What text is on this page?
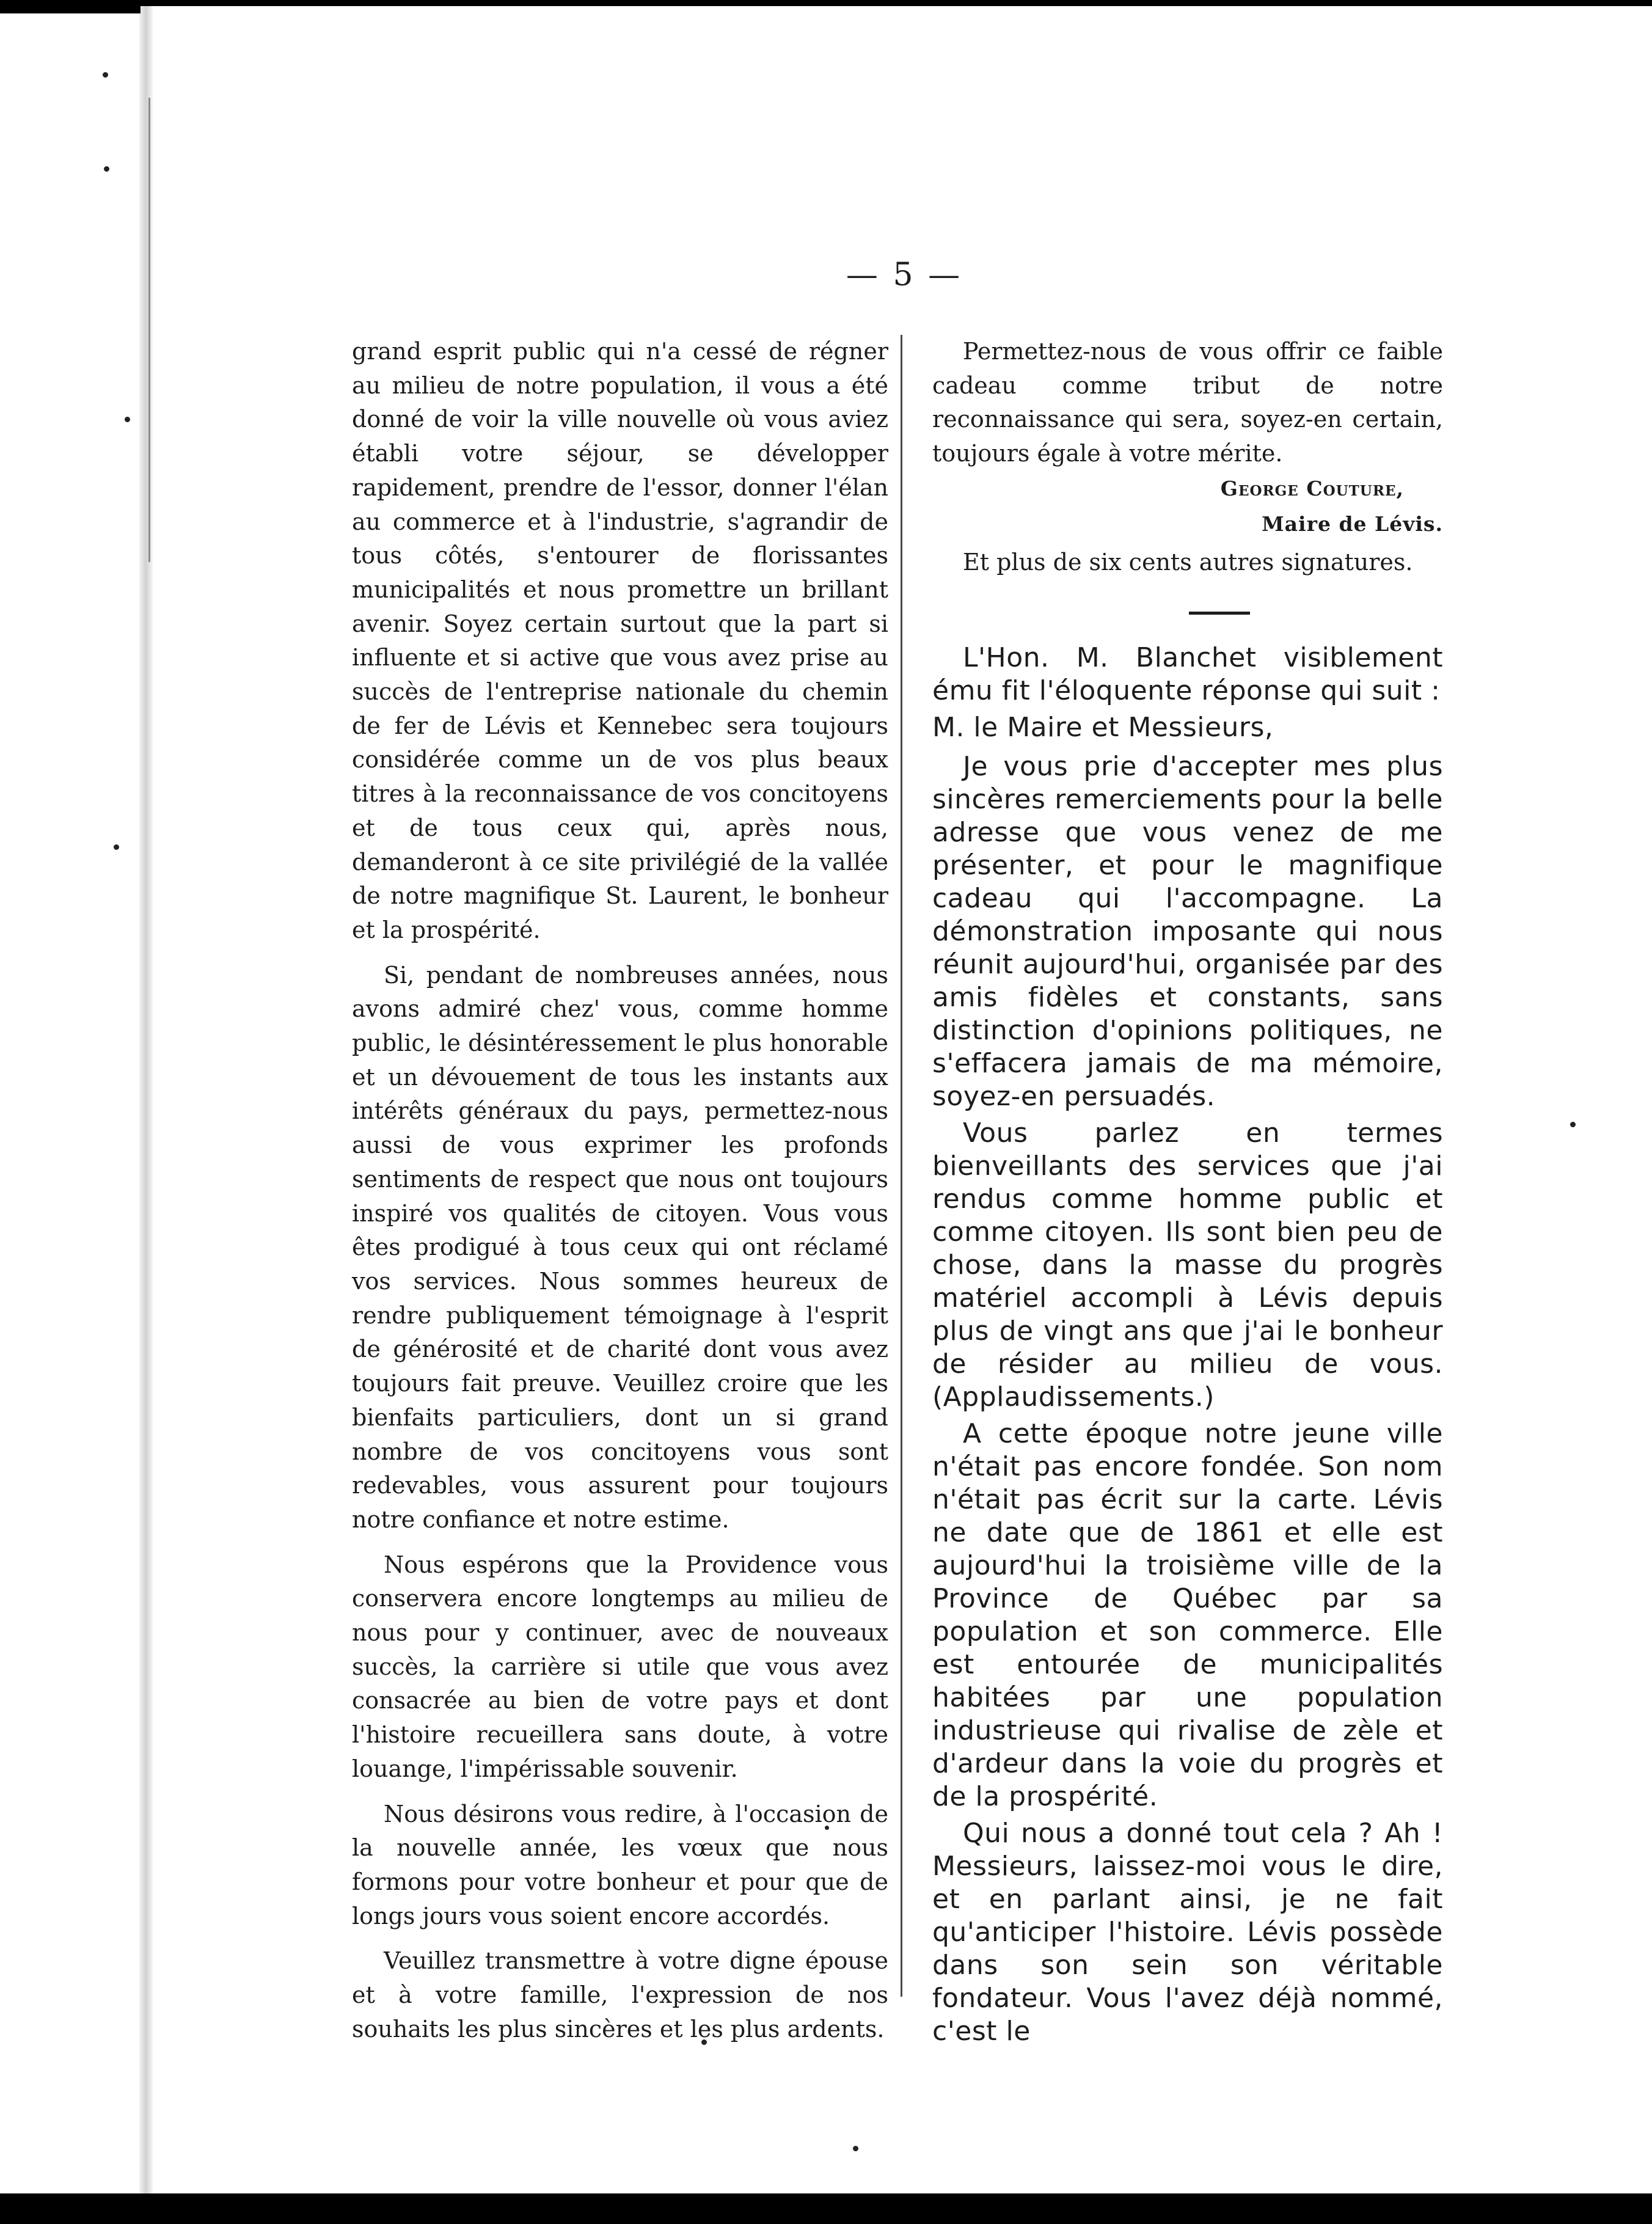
— 5 —

grand esprit public qui n'a cessé de régner au milieu de notre population, il vous a été donné de voir la ville nouvelle où vous aviez établi votre séjour, se développer rapidement, prendre de l'essor, donner l'élan au commerce et à l'industrie, s'agrandir de tous côtés, s'entourer de florissantes municipalités et nous promettre un brillant avenir. Soyez certain surtout que la part si influente et si active que vous avez prise au succès de l'entreprise nationale du chemin de fer de Lévis et Kennebec sera toujours considérée comme un de vos plus beaux titres à la reconnaissance de vos concitoyens et de tous ceux qui, après nous, demanderont à ce site privilégié de la vallée de notre magnifique St. Laurent, le bonheur et la prospérité.

Si, pendant de nombreuses années, nous avons admiré chez' vous, comme homme public, le désintéressement le plus honorable et un dévouement de tous les instants aux intérêts généraux du pays, permettez-nous aussi de vous exprimer les profonds sentiments de respect que nous ont toujours inspiré vos qualités de citoyen. Vous vous êtes prodigué à tous ceux qui ont réclamé vos services. Nous sommes heureux de rendre publiquement témoignage à l'esprit de générosité et de charité dont vous avez toujours fait preuve. Veuillez croire que les bienfaits particuliers, dont un si grand nombre de vos concitoyens vous sont redevables, vous assurent pour toujours notre confiance et notre estime.

Nous espérons que la Providence vous conservera encore longtemps au milieu de nous pour y continuer, avec de nouveaux succès, la carrière si utile que vous avez consacrée au bien de votre pays et dont l'histoire recueillera sans doute, à votre louange, l'impérissable souvenir.

Nous désirons vous redire, à l'occasion de la nouvelle année, les vœux que nous formons pour votre bonheur et pour que de longs jours vous soient encore accordés.

Veuillez transmettre à votre digne épouse et à votre famille, l'expression de nos souhaits les plus sincères et les plus ardents.

Permettez-nous de vous offrir ce faible cadeau comme tribut de notre reconnaissance qui sera, soyez-en certain, toujours égale à votre mérite.

George Couture,
Maire de Lévis.

Et plus de six cents autres signatures.

L'Hon. M. Blanchet visiblement ému fit l'éloquente réponse qui suit :

M. le Maire et Messieurs,

Je vous prie d'accepter mes plus sincères remerciements pour la belle adresse que vous venez de me présenter, et pour le magnifique cadeau qui l'accompagne. La démonstration imposante qui nous réunit aujourd'hui, organisée par des amis fidèles et constants, sans distinction d'opinions politiques, ne s'effacera jamais de ma mémoire, soyez-en persuadés.

Vous parlez en termes bienveillants des services que j'ai rendus comme homme public et comme citoyen. Ils sont bien peu de chose, dans la masse du progrès matériel accompli à Lévis depuis plus de vingt ans que j'ai le bonheur de résider au milieu de vous. (Applaudissements.)

A cette époque notre jeune ville n'était pas encore fondée. Son nom n'était pas écrit sur la carte. Lévis ne date que de 1861 et elle est aujourd'hui la troisième ville de la Province de Québec par sa population et son commerce. Elle est entourée de municipalités habitées par une population industrieuse qui rivalise de zèle et d'ardeur dans la voie du progrès et de la prospérité.

Qui nous a donné tout cela ? Ah ! Messieurs, laissez-moi vous le dire, et en parlant ainsi, je ne fait qu'anticiper l'histoire. Lévis possède dans son sein son véritable fondateur. Vous l'avez déjà nommé, c'est le
